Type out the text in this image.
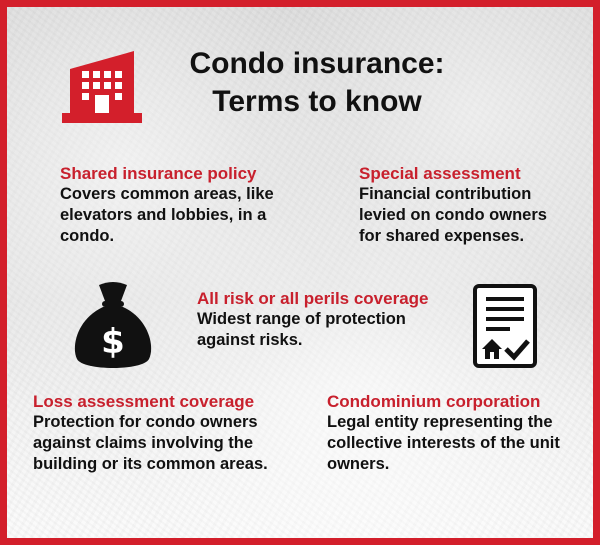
Condo insurance:
Terms to know
Shared insurance policy
Covers common areas, like
elevators and lobbies, in a
condo.
Special assessment
Financial contribution
levied on condo owners
for shared expenses.
$
All risk or all perils coverage
Widest range of protection
against risks.
Loss assessment coverage
Protection for condo owners
against claims involving the
building or its common areas.
Condominium corporation
Legal entity representing the
collective interests of the unit
owners.
